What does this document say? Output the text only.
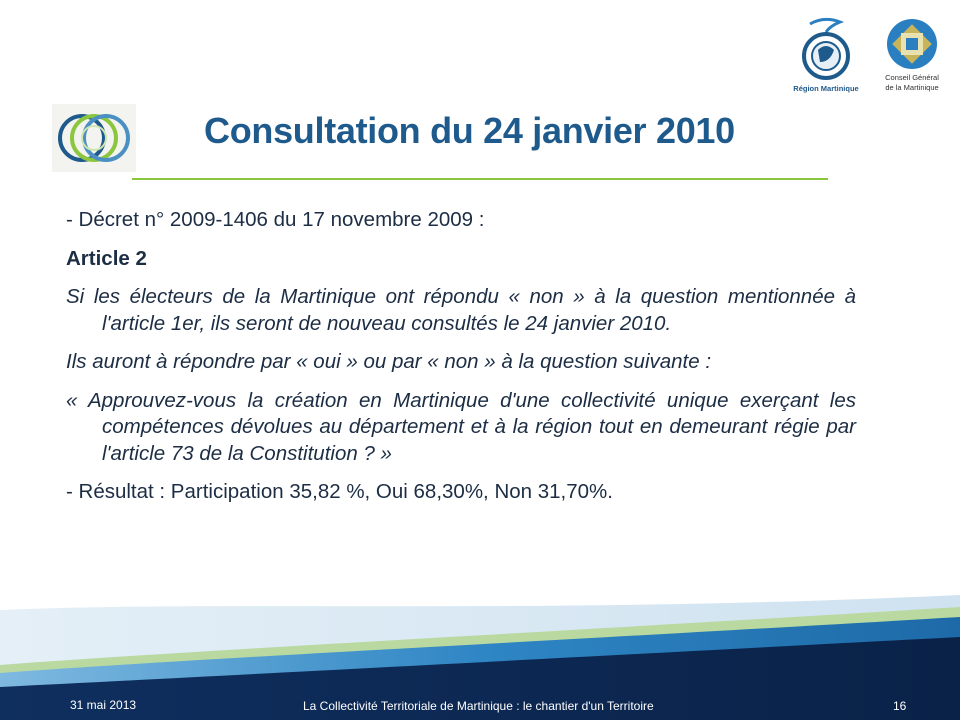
Région Martinique
Conseil Général
de la Martinique
Consultation du 24 janvier 2010

- Décret n° 2009-1406 du 17 novembre 2009 :

Article 2

Si les électeurs de la Martinique ont répondu « non » à la question mentionnée à l'article 1er, ils seront de nouveau consultés le 24 janvier 2010.

Ils auront à répondre par « oui » ou par « non » à la question suivante :

« Approuvez-vous la création en Martinique d'une collectivité unique exerçant les compétences dévolues au département et à la région tout en demeurant régie par l'article 73 de la Constitution ? »

- Résultat : Participation 35,82 %, Oui 68,30%, Non 31,70%.

31 mai 2013	La Collectivité Territoriale de Martinique : le chantier d'un Territoire	16
